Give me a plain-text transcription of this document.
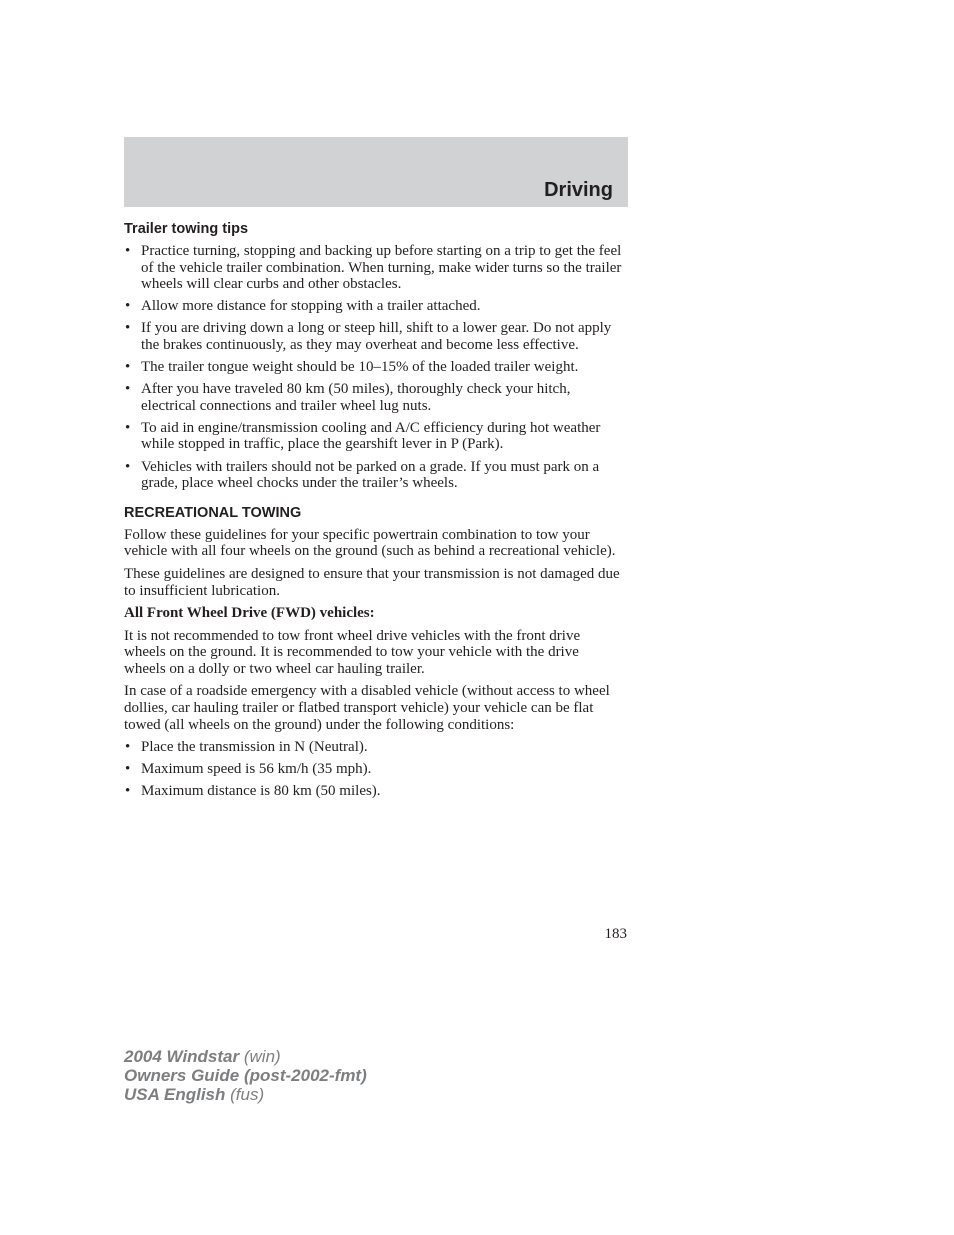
Driving
Trailer towing tips
• Practice turning, stopping and backing up before starting on a trip to get the feel of the vehicle trailer combination. When turning, make wider turns so the trailer wheels will clear curbs and other obstacles.
• Allow more distance for stopping with a trailer attached.
• If you are driving down a long or steep hill, shift to a lower gear. Do not apply the brakes continuously, as they may overheat and become less effective.
• The trailer tongue weight should be 10–15% of the loaded trailer weight.
• After you have traveled 80 km (50 miles), thoroughly check your hitch, electrical connections and trailer wheel lug nuts.
• To aid in engine/transmission cooling and A/C efficiency during hot weather while stopped in traffic, place the gearshift lever in P (Park).
• Vehicles with trailers should not be parked on a grade. If you must park on a grade, place wheel chocks under the trailer’s wheels.
RECREATIONAL TOWING

Follow these guidelines for your specific powertrain combination to tow your vehicle with all four wheels on the ground (such as behind a recreational vehicle).

These guidelines are designed to ensure that your transmission is not damaged due to insufficient lubrication.

All Front Wheel Drive (FWD) vehicles:

It is not recommended to tow front wheel drive vehicles with the front drive wheels on the ground. It is recommended to tow your vehicle with the drive wheels on a dolly or two wheel car hauling trailer.

In case of a roadside emergency with a disabled vehicle (without access to wheel dollies, car hauling trailer or flatbed transport vehicle) your vehicle can be flat towed (all wheels on the ground) under the following conditions:

• Place the transmission in N (Neutral).
• Maximum speed is 56 km/h (35 mph).
• Maximum distance is 80 km (50 miles).
183
2004 Windstar (win)
Owners Guide (post-2002-fmt)
USA English (fus)
